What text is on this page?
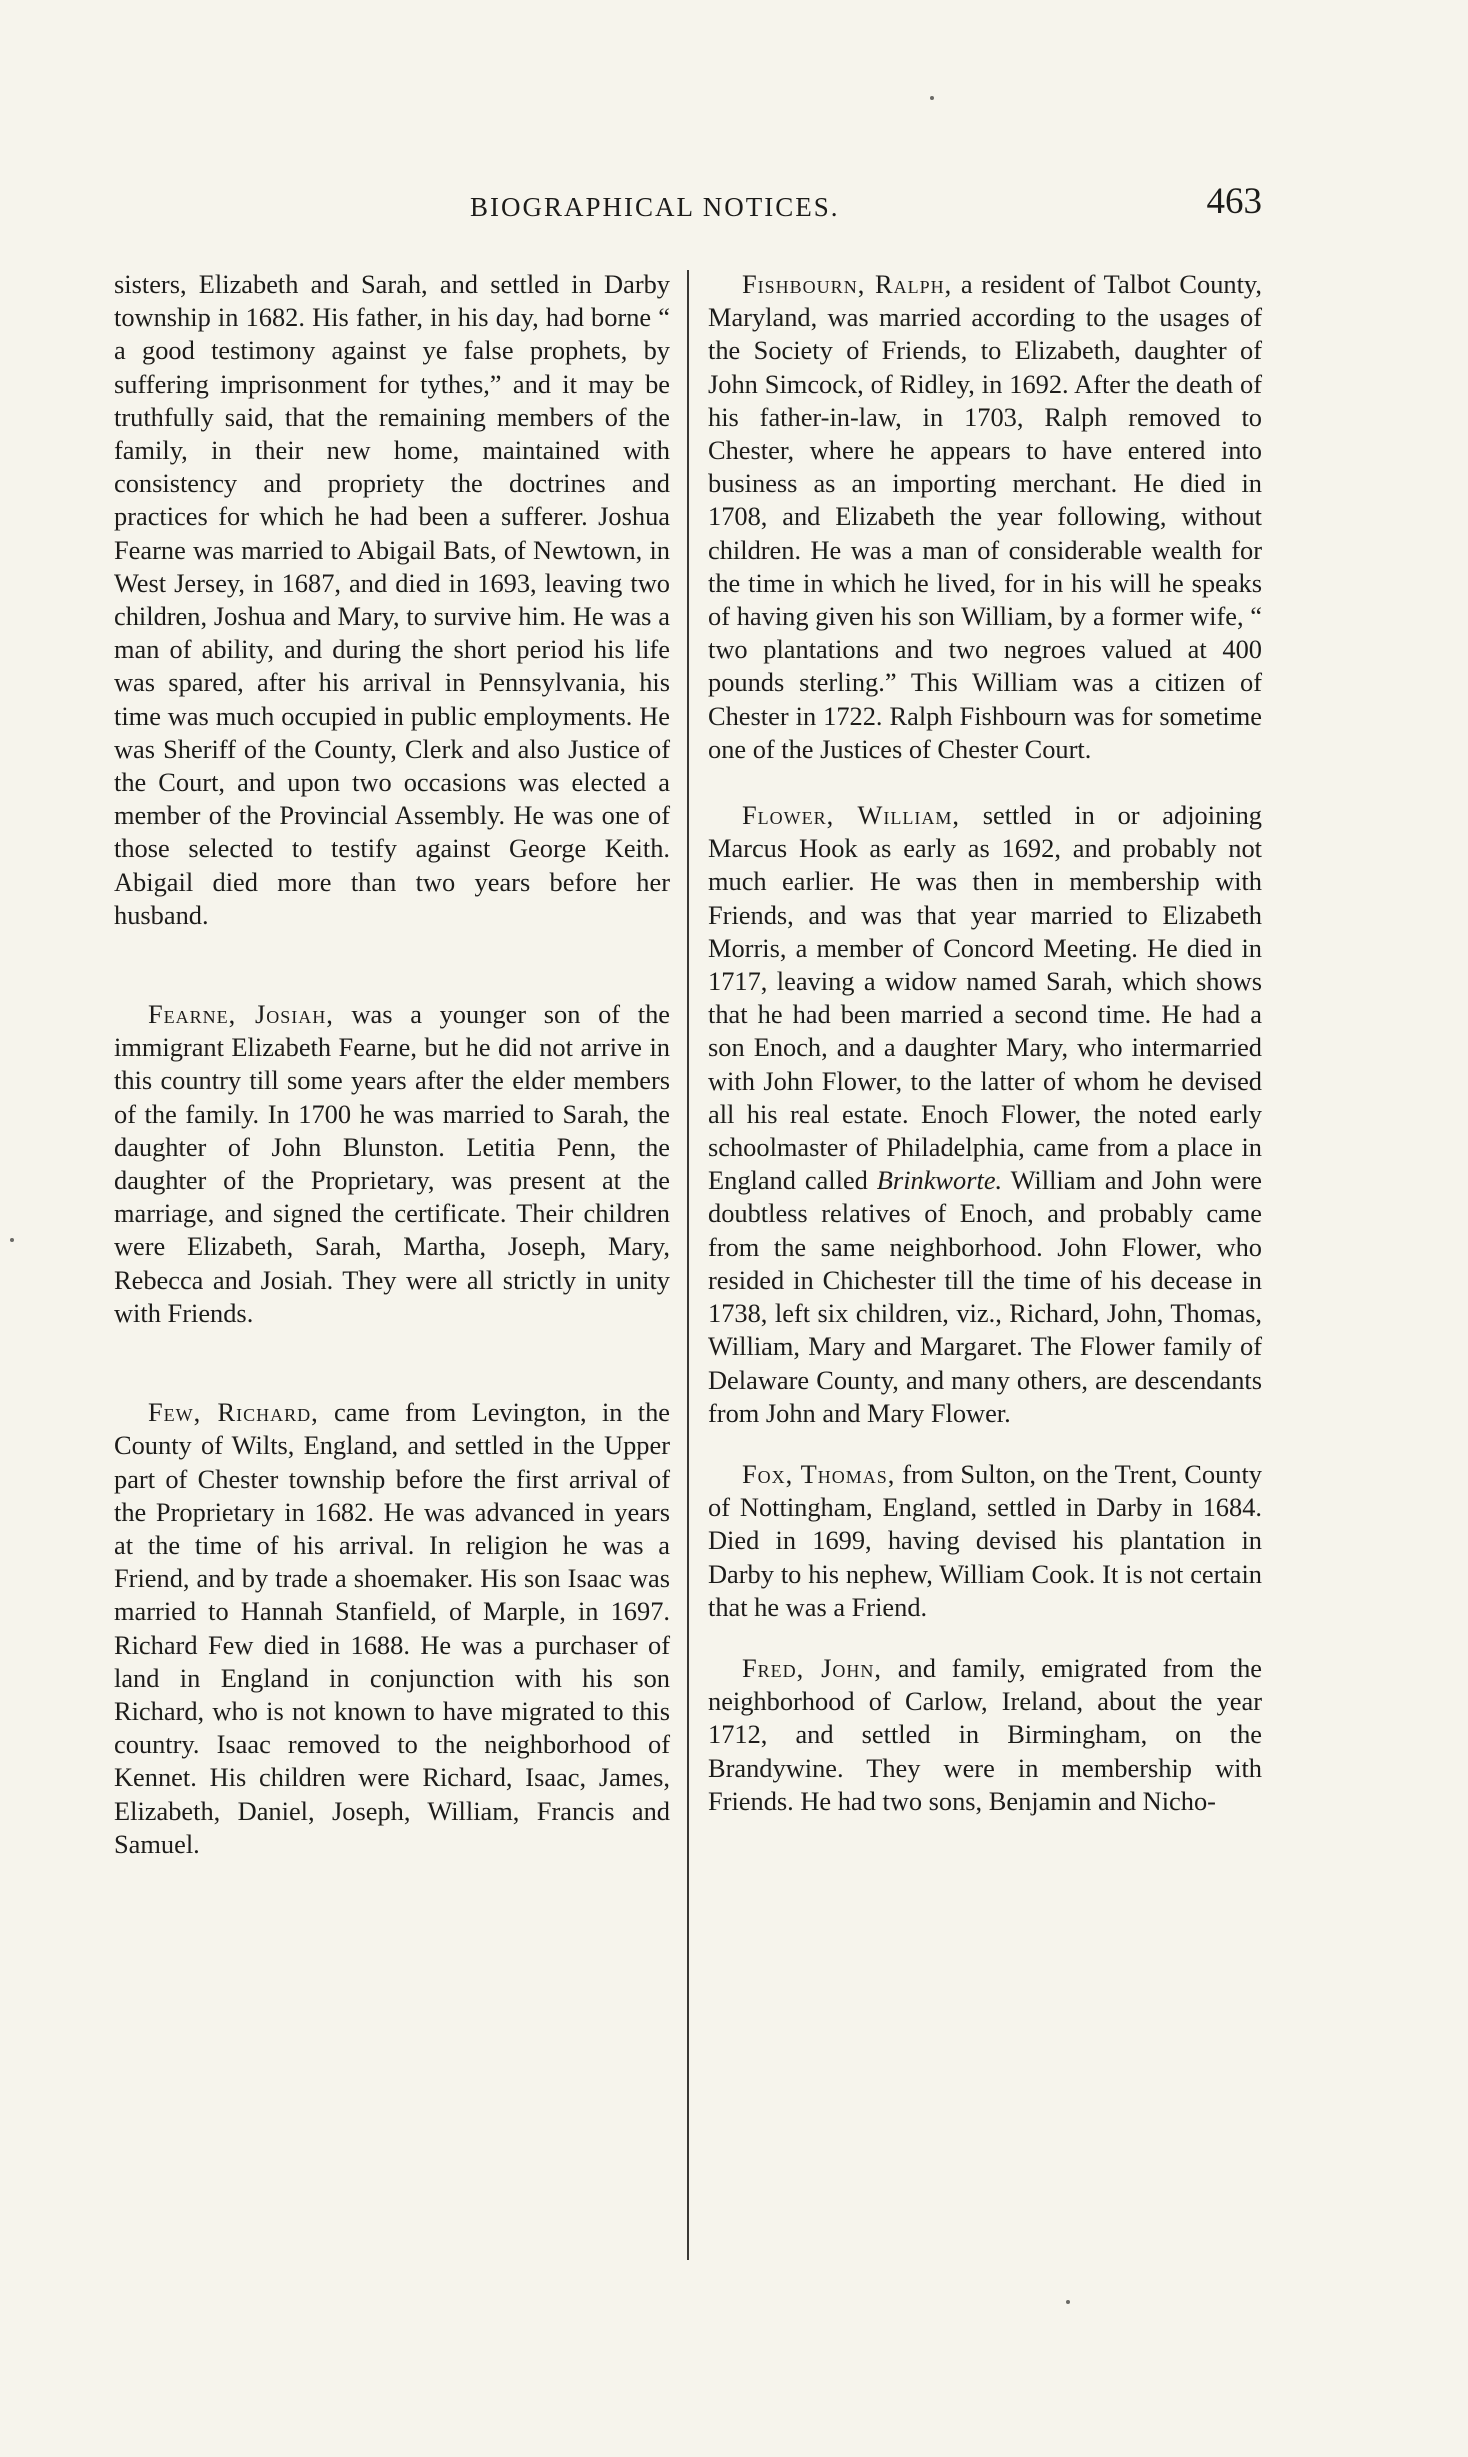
BIOGRAPHICAL NOTICES.	463

sisters, Elizabeth and Sarah, and settled in Darby township in 1682. His father, in his day, had borne “ a good testimony against ye false prophets, by suffering imprisonment for tythes,” and it may be truthfully said, that the remaining members of the family, in their new home, maintained with consistency and propriety the doctrines and practices for which he had been a sufferer. Joshua Fearne was married to Abigail Bats, of Newtown, in West Jersey, in 1687, and died in 1693, leaving two children, Joshua and Mary, to survive him. He was a man of ability, and during the short period his life was spared, after his arrival in Pennsylvania, his time was much occupied in public employments. He was Sheriff of the County, Clerk and also Justice of the Court, and upon two occasions was elected a member of the Provincial Assembly. He was one of those selected to testify against George Keith. Abigail died more than two years before her husband.

Fearne, Josiah, was a younger son of the immigrant Elizabeth Fearne, but he did not arrive in this country till some years after the elder members of the family. In 1700 he was married to Sarah, the daughter of John Blunston. Letitia Penn, the daughter of the Proprietary, was present at the marriage, and signed the certificate. Their children were Elizabeth, Sarah, Martha, Joseph, Mary, Rebecca and Josiah. They were all strictly in unity with Friends.

Few, Richard, came from Levington, in the County of Wilts, England, and settled in the Upper part of Chester township before the first arrival of the Proprietary in 1682. He was advanced in years at the time of his arrival. In religion he was a Friend, and by trade a shoemaker. His son Isaac was married to Hannah Stanfield, of Marple, in 1697. Richard Few died in 1688. He was a purchaser of land in England in conjunction with his son Richard, who is not known to have migrated to this country. Isaac removed to the neighborhood of Kennet. His children were Richard, Isaac, James, Elizabeth, Daniel, Joseph, William, Francis and Samuel.

Fishbourn, Ralph, a resident of Talbot County, Maryland, was married according to the usages of the Society of Friends, to Elizabeth, daughter of John Simcock, of Ridley, in 1692. After the death of his father-in-law, in 1703, Ralph removed to Chester, where he appears to have entered into business as an importing merchant. He died in 1708, and Elizabeth the year following, without children. He was a man of considerable wealth for the time in which he lived, for in his will he speaks of having given his son William, by a former wife, “ two plantations and two negroes valued at 400 pounds sterling.” This William was a citizen of Chester in 1722. Ralph Fishbourn was for sometime one of the Justices of Chester Court.

Flower, William, settled in or adjoining Marcus Hook as early as 1692, and probably not much earlier. He was then in membership with Friends, and was that year married to Elizabeth Morris, a member of Concord Meeting. He died in 1717, leaving a widow named Sarah, which shows that he had been married a second time. He had a son Enoch, and a daughter Mary, who intermarried with John Flower, to the latter of whom he devised all his real estate. Enoch Flower, the noted early schoolmaster of Philadelphia, came from a place in England called Brinkworte. William and John were doubtless relatives of Enoch, and probably came from the same neighborhood. John Flower, who resided in Chichester till the time of his decease in 1738, left six children, viz., Richard, John, Thomas, William, Mary and Margaret. The Flower family of Delaware County, and many others, are descendants from John and Mary Flower.

Fox, Thomas, from Sulton, on the Trent, County of Nottingham, England, settled in Darby in 1684. Died in 1699, having devised his plantation in Darby to his nephew, William Cook. It is not certain that he was a Friend.

Fred, John, and family, emigrated from the neighborhood of Carlow, Ireland, about the year 1712, and settled in Birmingham, on the Brandywine. They were in membership with Friends. He had two sons, Benjamin and Nicho-
